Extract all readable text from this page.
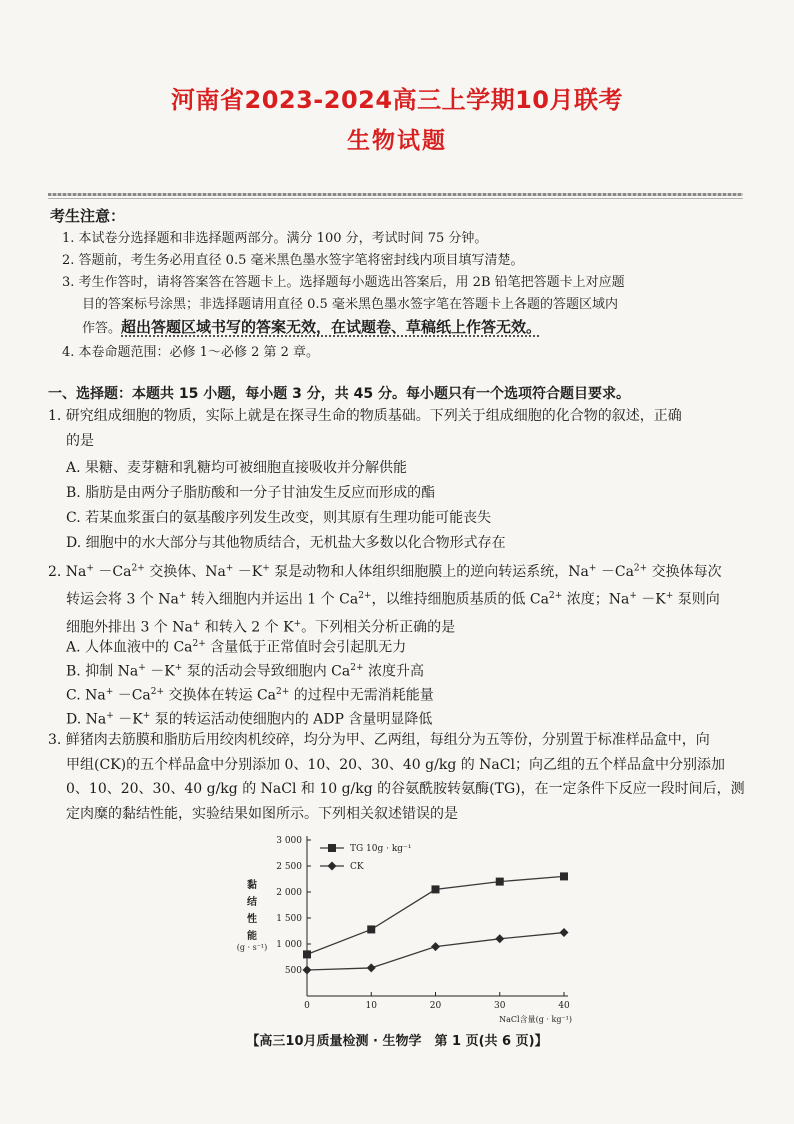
河南省2023-2024高三上学期10月联考
生物试题
考生注意：
1. 本试卷分选择题和非选择题两部分。满分 100 分，考试时间 75 分钟。
2. 答题前，考生务必用直径 0.5 毫米黑色墨水签字笔将密封线内项目填写清楚。
3. 考生作答时，请将答案答在答题卡上。选择题每小题选出答案后，用 2B 铅笔把答题卡上对应题
目的答案标号涂黑；非选择题请用直径 0.5 毫米黑色墨水签字笔在答题卡上各题的答题区域内
作答。超出答题区域书写的答案无效，在试题卷、草稿纸上作答无效。
4. 本卷命题范围：必修 1～必修 2 第 2 章。
一、选择题：本题共 15 小题，每小题 3 分，共 45 分。每小题只有一个选项符合题目要求。
1. 研究组成细胞的物质，实际上就是在探寻生命的物质基础。下列关于组成细胞的化合物的叙述，正确
的是
A. 果糖、麦芽糖和乳糖均可被细胞直接吸收并分解供能
B. 脂肪是由两分子脂肪酸和一分子甘油发生反应而形成的酯
C. 若某血浆蛋白的氨基酸序列发生改变，则其原有生理功能可能丧失
D. 细胞中的水大部分与其他物质结合，无机盐大多数以化合物形式存在
2. $Na^+ -Ca^{2+}$ 交换体、Na+ －K+ 泵是动物和人体组织细胞膜上的逆向转运系统，$Na^+ -Ca^{2+}$ 交换体每次
转运会将 3 个 Na+ 转入细胞内并运出 1 个 $Ca^{2+}$，以维持细胞质基质的低 $Ca^{2+}$ 浓度；Na+ －K+ 泵则向
细胞外排出 3 个 Na+ 和转入 2 个 K+。下列相关分析正确的是
A. 人体血液中的 $Ca^{2+}$ 含量低于正常值时会引起肌无力
B. 抑制 Na+ －K+ 泵的活动会导致细胞内 $Ca^{2+}$ 浓度升高
C. $Na^+ -Ca^{2+}$ 交换体在转运 $Ca^{2+}$ 的过程中无需消耗能量
D. Na+ －K+ 泵的转运活动使细胞内的 ADP 含量明显降低
3. 鲜猪肉去筋膜和脂肪后用绞肉机绞碎，均分为甲、乙两组，每组分为五等份，分别置于标准样品盒中，向
甲组(CK)的五个样品盒中分别添加 0、10、20、30、40 g/kg 的 NaCl；向乙组的五个样品盒中分别添加
0、10、20、30、40 g/kg 的 NaCl 和 10 g/kg 的谷氨酰胺转氨酶(TG)，在一定条件下反应一段时间后，测
定肉糜的黏结性能，实验结果如图所示。下列相关叙述错误的是
500
1 000
1 500
2 000
2 500
3 000
0	10	20	30	40
黏
结
性
能
(g · s⁻¹)
NaCl含量(g · kg⁻¹)
TG 10g · kg⁻¹
CK
【高三10月质量检测 · 生物学　第 1 页(共 6 页)】
